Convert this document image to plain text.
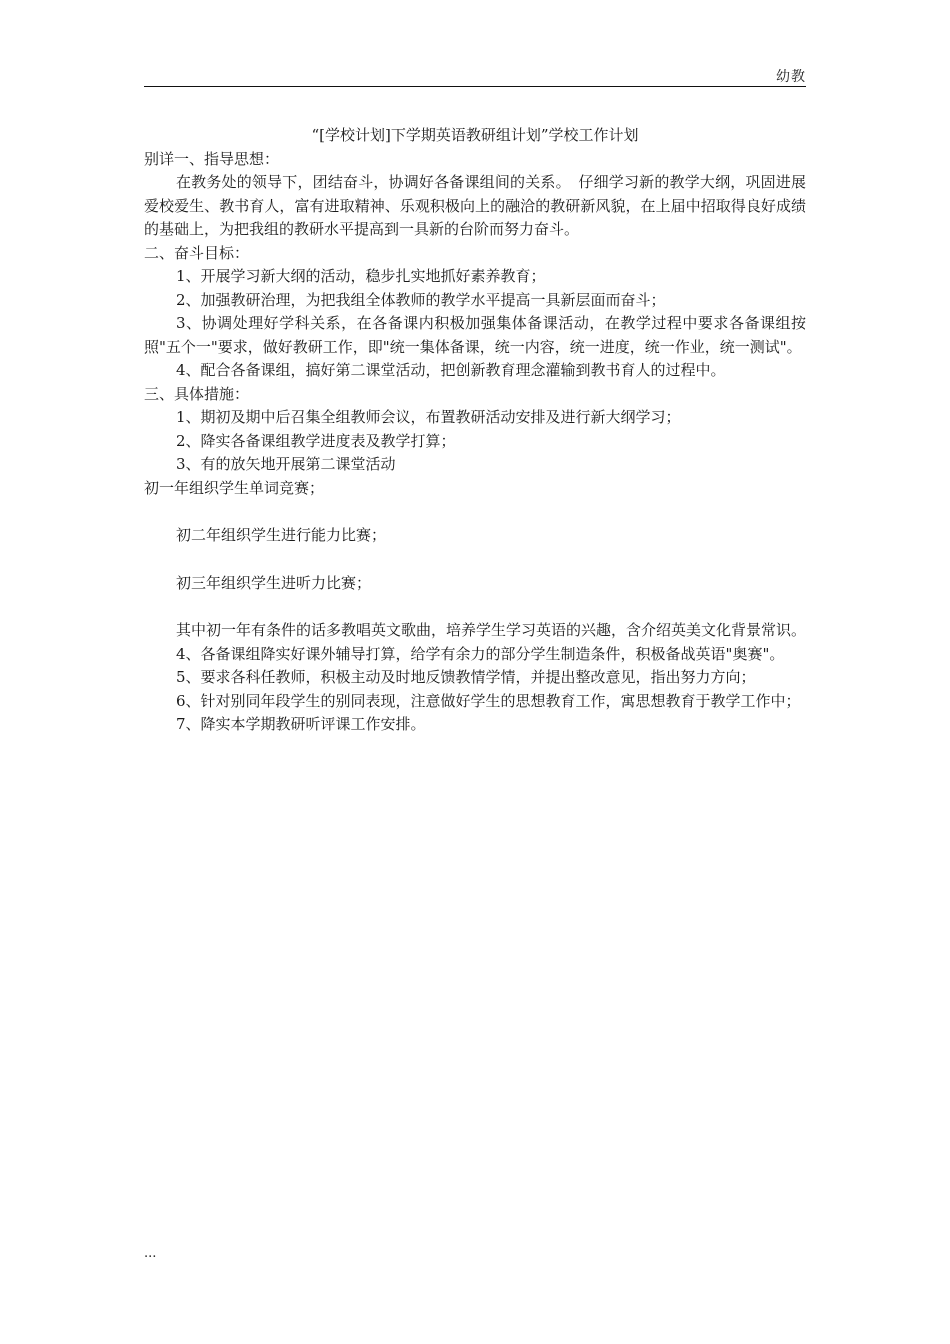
幼教

“[学校计划]下学期英语教研组计划”学校工作计划

别详一、指导思想：

在教务处的领导下，团结奋斗，协调好各备课组间的关系。　仔细学习新的教学大纲，巩固进展爱校爱生、教书育人，富有进取精神、乐观积极向上的融洽的教研新风貌，在上届中招取得良好成绩的基础上，为把我组的教研水平提高到一具新的台阶而努力奋斗。

二、奋斗目标：

1、开展学习新大纲的活动，稳步扎实地抓好素养教育；

2、加强教研治理，为把我组全体教师的教学水平提高一具新层面而奋斗；

3、协调处理好学科关系，在各备课内积极加强集体备课活动，在教学过程中要求各备课组按照"五个一"要求，做好教研工作，即"统一集体备课，统一内容，统一进度，统一作业，统一测试"。

4、配合各备课组，搞好第二课堂活动，把创新教育理念灌输到教书育人的过程中。

三、具体措施：

1、期初及期中后召集全组教师会议，布置教研活动安排及进行新大纲学习；

2、降实各备课组教学进度表及教学打算；

3、有的放矢地开展第二课堂活动

初一年组织学生单词竞赛；

初二年组织学生进行能力比赛；

初三年组织学生进听力比赛；

其中初一年有条件的话多教唱英文歌曲，培养学生学习英语的兴趣，含介绍英美文化背景常识。

4、各备课组降实好课外辅导打算，给学有余力的部分学生制造条件，积极备战英语"奥赛"。

5、要求各科任教师，积极主动及时地反馈教情学情，并提出整改意见，指出努力方向；

6、针对别同年段学生的别同表现，注意做好学生的思想教育工作，寓思想教育于教学工作中；

7、降实本学期教研听评课工作安排。

...
